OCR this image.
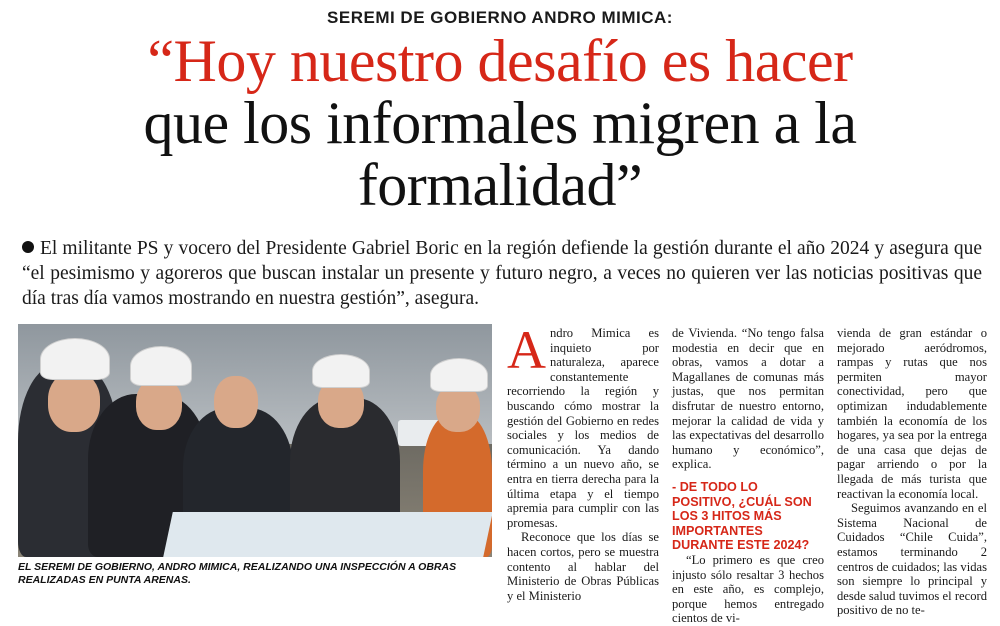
SEREMI DE GOBIERNO ANDRO MIMICA:
“Hoy nuestro desafío es hacer
que los informales migren a la
formalidad”
El militante PS y vocero del Presidente Gabriel Boric en la región defiende la gestión durante el año 2024 y asegura que “el pesimismo y agoreros que buscan instalar un presente y futuro negro, a veces no quieren ver las noticias positivas que día tras día vamos mostrando en nuestra gestión”, asegura.
EL SEREMI DE GOBIERNO, ANDRO MIMICA, REALIZANDO UNA INSPECCIÓN A OBRAS REALIZADAS EN PUNTA ARENAS.

Andro Mimica es inquieto por naturaleza, aparece constantemente recorriendo la región y buscando cómo mostrar la gestión del Gobierno en redes sociales y los medios de comunicación. Ya dando término a un nuevo año, se entra en tierra derecha para la última etapa y el tiempo apremia para cumplir con las promesas.

Reconoce que los días se hacen cortos, pero se muestra contento al hablar del Ministerio de Obras Públicas y el Ministerio

de Vivienda. “No tengo falsa modestia en decir que en obras, vamos a dotar a Magallanes de comunas más justas, que nos permitan disfrutar de nuestro entorno, mejorar la calidad de vida y las expectativas del desarrollo humano y económico”, explica.

- DE TODO LO POSITIVO, ¿CUÁL SON LOS 3 HITOS MÁS IMPORTANTES DURANTE ESTE 2024?

“Lo primero es que creo injusto sólo resaltar 3 hechos en este año, es complejo, porque hemos entregado cientos de vi-

vienda de gran estándar o mejorado aeródromos, rampas y rutas que nos permiten mayor conectividad, pero que optimizan indudablemente también la economía de los hogares, ya sea por la entrega de una casa que dejas de pagar arriendo o por la llegada de más turista que reactivan la economía local.

Seguimos avanzando en el Sistema Nacional de Cuidados “Chile Cuida”, estamos terminando 2 centros de cuidados; las vidas son siempre lo principal y desde salud tuvimos el record positivo de no te-
